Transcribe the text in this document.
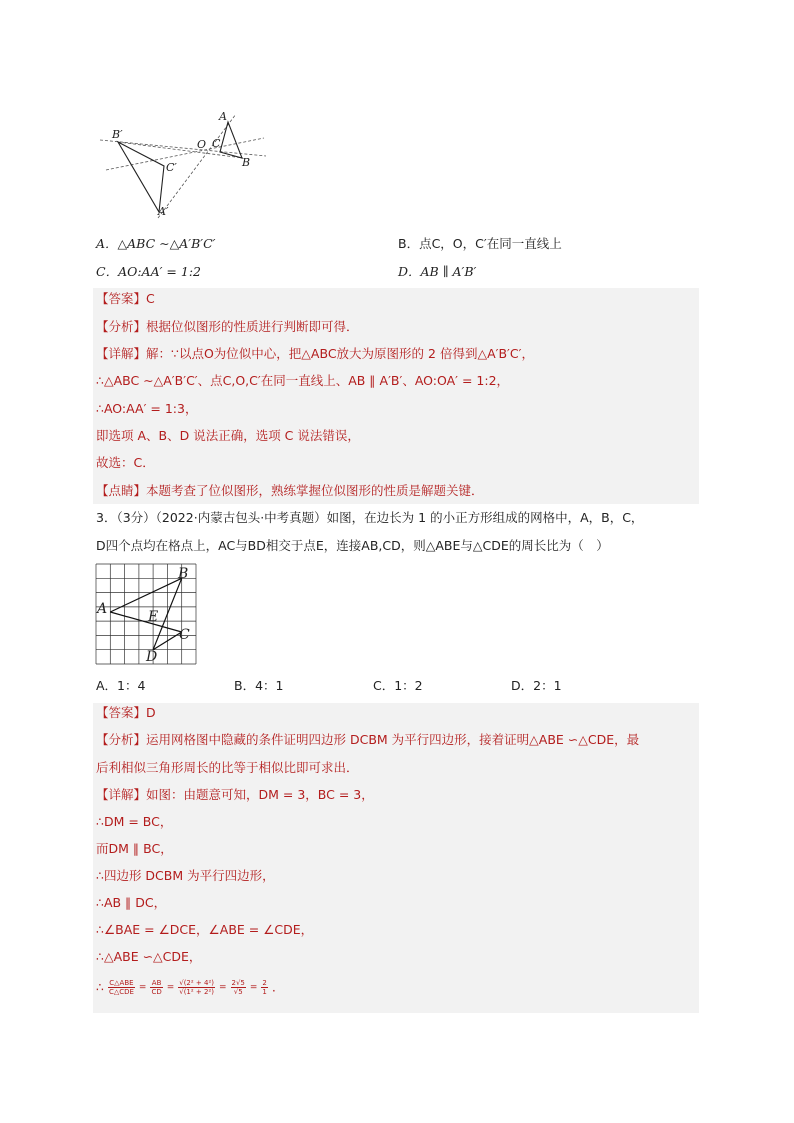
B′
C′
A′
O C
A
B
A．△ABC ∼△A′B′C′	B．点C，O，C′在同一直线上
C．AO:AA′ = 1:2	D．AB ∥ A′B′
【答案】C
【分析】根据位似图形的性质进行判断即可得．
【详解】解：∵以点O为位似中心，把△ABC放大为原图形的 2 倍得到△A′B′C′，
∴△ABC ∼△A′B′C′、点C,O,C′在同一直线上、AB ∥ A′B′、AO:OA′ = 1:2，
∴AO:AA′ = 1:3，
即选项 A、B、D 说法正确，选项 C 说法错误，
故选：C．
【点睛】本题考查了位似图形，熟练掌握位似图形的性质是解题关键．
3．（3分）（2022·内蒙古包头·中考真题）如图，在边长为 1 的小正方形组成的网格中，A，B，C，
D四个点均在格点上，AC与BD相交于点E，连接AB,CD，则△ABE与△CDE的周长比为（　）
B
A	E
C
D
A．1：4	B．4：1	C．1：2	D．2：1
【答案】D
【分析】运用网格图中隐藏的条件证明四边形 DCBM 为平行四边形，接着证明△ABE ∽△CDE，最
后利相似三角形周长的比等于相似比即可求出．
【详解】如图：由题意可知，DM = 3，BC = 3，
∴DM = BC，
而DM ∥ BC，
∴四边形 DCBM 为平行四边形，
∴AB ∥ DC，
∴∠BAE = ∠DCE，∠ABE = ∠CDE，
∴△ABE ∽△CDE，
∴ $\frac{\text{C△ABE}}{\text{C△CDE}} = \frac{AB}{CD} = \frac{\text{√(2² + 4²)}}{\text{√(1² + 2²)}} = \frac{2√5}{√5} = \frac{2}{1}$ .
